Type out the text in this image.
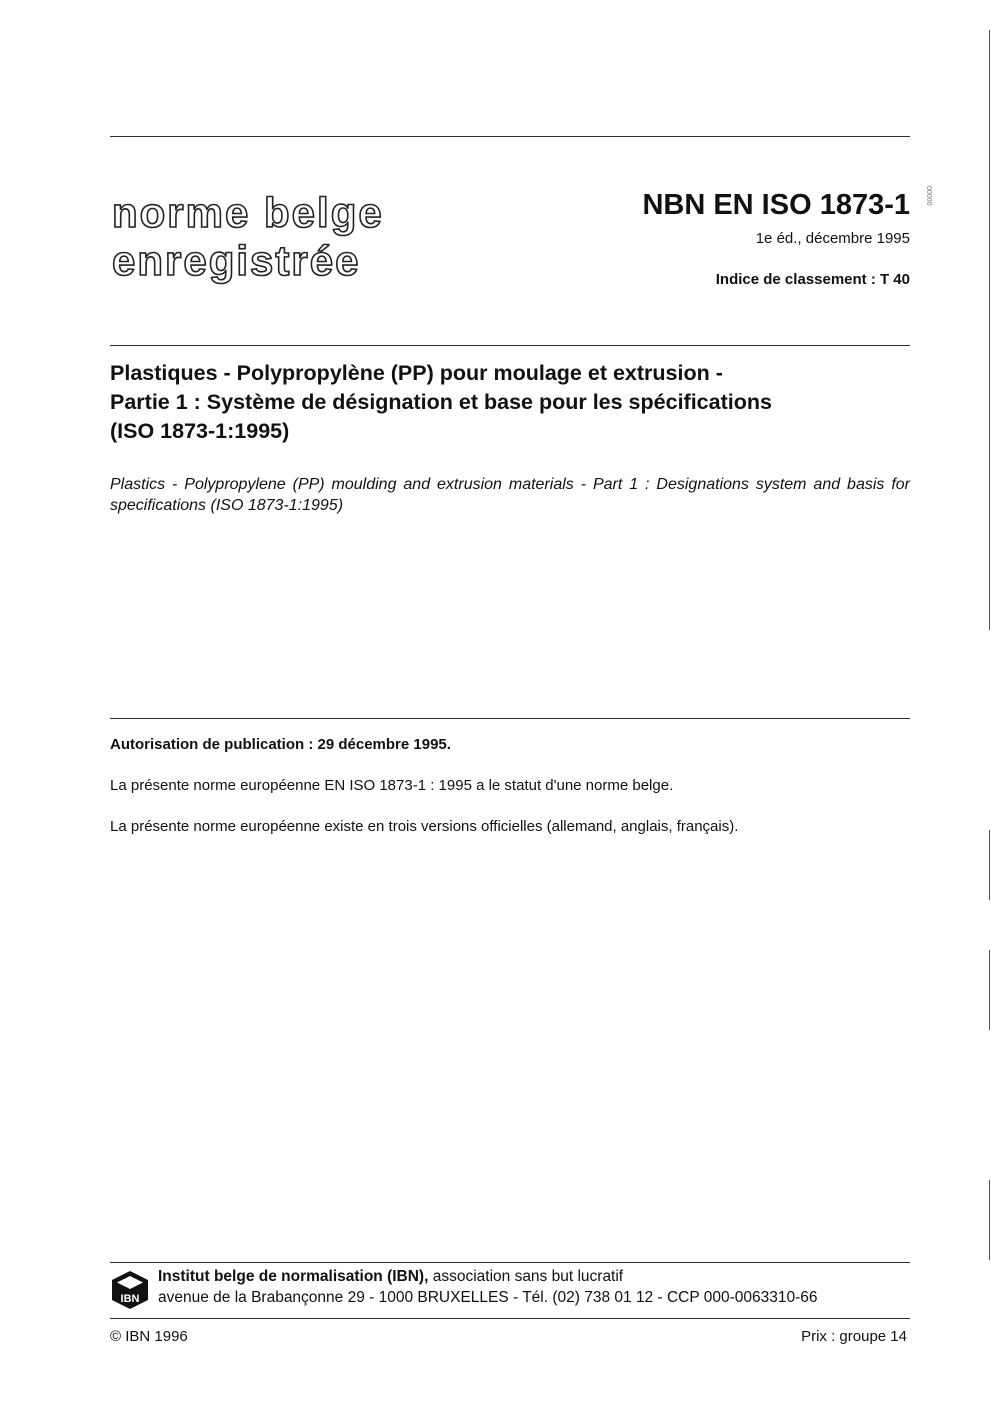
norme belge
enregistrée
NBN EN ISO 1873-1 00000
1e éd., décembre 1995
Indice de classement : T 40
Plastiques - Polypropylène (PP) pour moulage et extrusion -
Partie 1 : Système de désignation et base pour les spécifications
(ISO 1873-1:1995)
Plastics - Polypropylene (PP) moulding and extrusion materials - Part 1 : Designations system and basis for specifications (ISO 1873-1:1995)
Autorisation de publication : 29 décembre 1995.
La présente norme européenne EN ISO 1873-1 : 1995 a le statut d'une norme belge.
La présente norme européenne existe en trois versions officielles (allemand, anglais, français).
IBN
Institut belge de normalisation (IBN), association sans but lucratif
avenue de la Brabançonne 29 - 1000 BRUXELLES - Tél. (02) 738 01 12 - CCP 000-0063310-66
© IBN 1996	Prix : groupe 14
